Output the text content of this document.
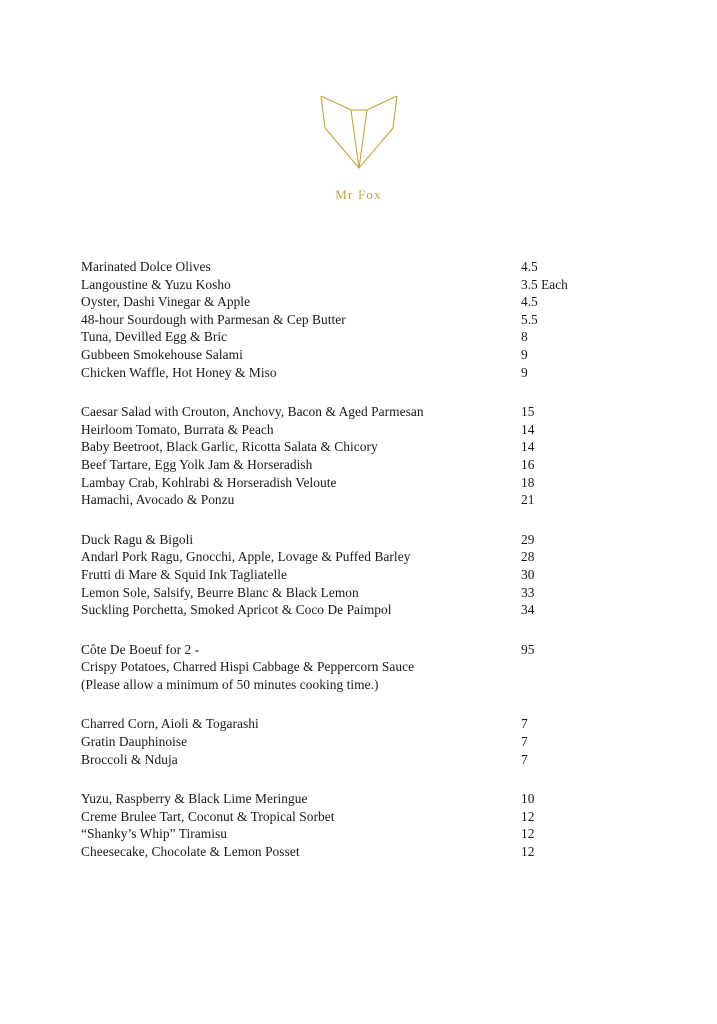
Mr Fox
Marinated Dolce Olives	4.5
Langoustine & Yuzu Kosho	3.5 Each
Oyster, Dashi Vinegar & Apple	4.5
48-hour Sourdough with Parmesan & Cep Butter	5.5
Tuna, Devilled Egg & Bric	8
Gubbeen Smokehouse Salami	9
Chicken Waffle, Hot Honey & Miso	9
Caesar Salad with Crouton, Anchovy, Bacon & Aged Parmesan	15
Heirloom Tomato, Burrata & Peach	14
Baby Beetroot, Black Garlic, Ricotta Salata & Chicory	14
Beef Tartare, Egg Yolk Jam & Horseradish	16
Lambay Crab, Kohlrabi & Horseradish Veloute	18
Hamachi, Avocado & Ponzu	21
Duck Ragu & Bigoli	29
Andarl Pork Ragu, Gnocchi, Apple, Lovage & Puffed Barley	28
Frutti di Mare & Squid Ink Tagliatelle	30
Lemon Sole, Salsify, Beurre Blanc & Black Lemon	33
Suckling Porchetta, Smoked Apricot & Coco De Paimpol	34
Côte De Boeuf for 2 -	95
Crispy Potatoes, Charred Hispi Cabbage & Peppercorn Sauce
(Please allow a minimum of 50 minutes cooking time.)
Charred Corn, Aioli & Togarashi	7
Gratin Dauphinoise	7
Broccoli & Nduja	7
Yuzu, Raspberry & Black Lime Meringue	10
Creme Brulee Tart, Coconut & Tropical Sorbet	12
“Shanky’s Whip” Tiramisu	12
Cheesecake, Chocolate & Lemon Posset	12
